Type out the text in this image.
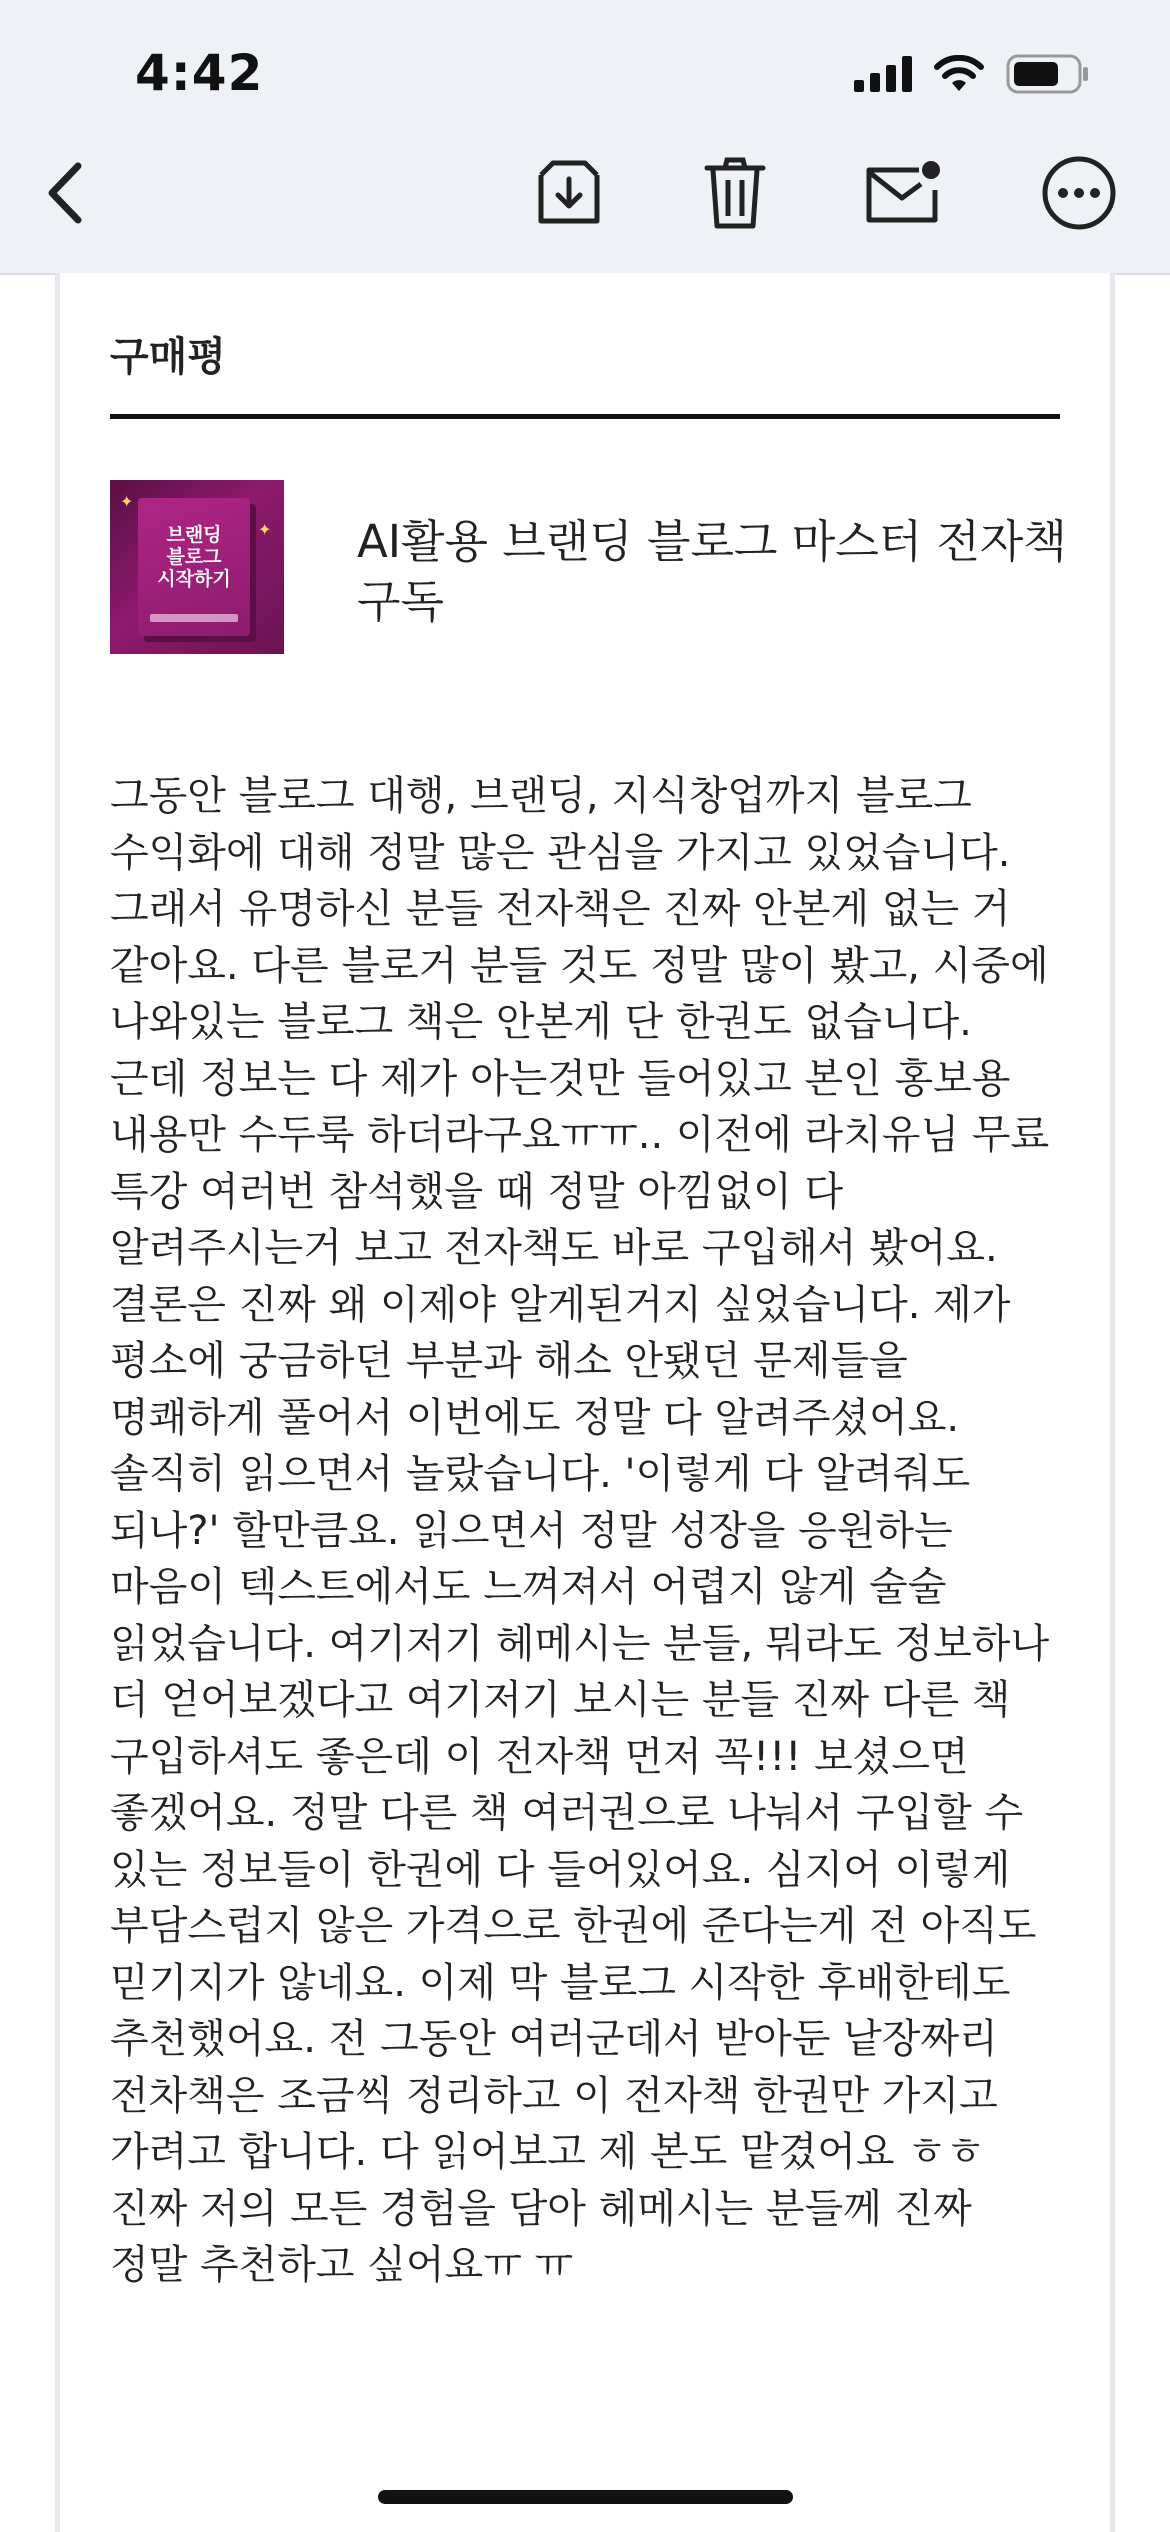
4:42
구매평
✦
✦
브랜딩
블로그
시작하기
AI활용 브랜딩 블로그 마스터 전자책 구독
그동안 블로그 대행, 브랜딩, 지식창업까지 블로그 수익화에 대해 정말 많은 관심을 가지고 있었습니다. 그래서 유명하신 분들 전자책은 진짜 안본게 없는 거 같아요. 다른 블로거 분들 것도 정말 많이 봤고, 시중에 나와있는 블로그 책은 안본게 단 한권도 없습니다. 근데 정보는 다 제가 아는것만 들어있고 본인 홍보용 내용만 수두룩 하더라구요ㅠㅠ.. 이전에 라치유님 무료 특강 여러번 참석했을 때 정말 아낌없이 다 알려주시는거 보고 전자책도 바로 구입해서 봤어요. 결론은 진짜 왜 이제야 알게된거지 싶었습니다. 제가 평소에 궁금하던 부분과 해소 안됐던 문제들을 명쾌하게 풀어서 이번에도 정말 다 알려주셨어요. 솔직히 읽으면서 놀랐습니다. '이렇게 다 알려줘도 되나?' 할만큼요. 읽으면서 정말 성장을 응원하는 마음이 텍스트에서도 느껴져서 어렵지 않게 술술 읽었습니다. 여기저기 헤메시는 분들, 뭐라도 정보하나 더 얻어보겠다고 여기저기 보시는 분들 진짜 다른 책 구입하셔도 좋은데 이 전자책 먼저 꼭!!! 보셨으면 좋겠어요. 정말 다른 책 여러권으로 나눠서 구입할 수 있는 정보들이 한권에 다 들어있어요. 심지어 이렇게 부담스럽지 않은 가격으로 한권에 준다는게 전 아직도 믿기지가 않네요. 이제 막 블로그 시작한 후배한테도 추천했어요. 전 그동안 여러군데서 받아둔 낱장짜리 전차책은 조금씩 정리하고 이 전자책 한권만 가지고 가려고 합니다. 다 읽어보고 제 본도 맡겼어요 ㅎㅎ 진짜 저의 모든 경험을 담아 헤메시는 분들께 진짜 정말 추천하고 싶어요ㅠ ㅠ
